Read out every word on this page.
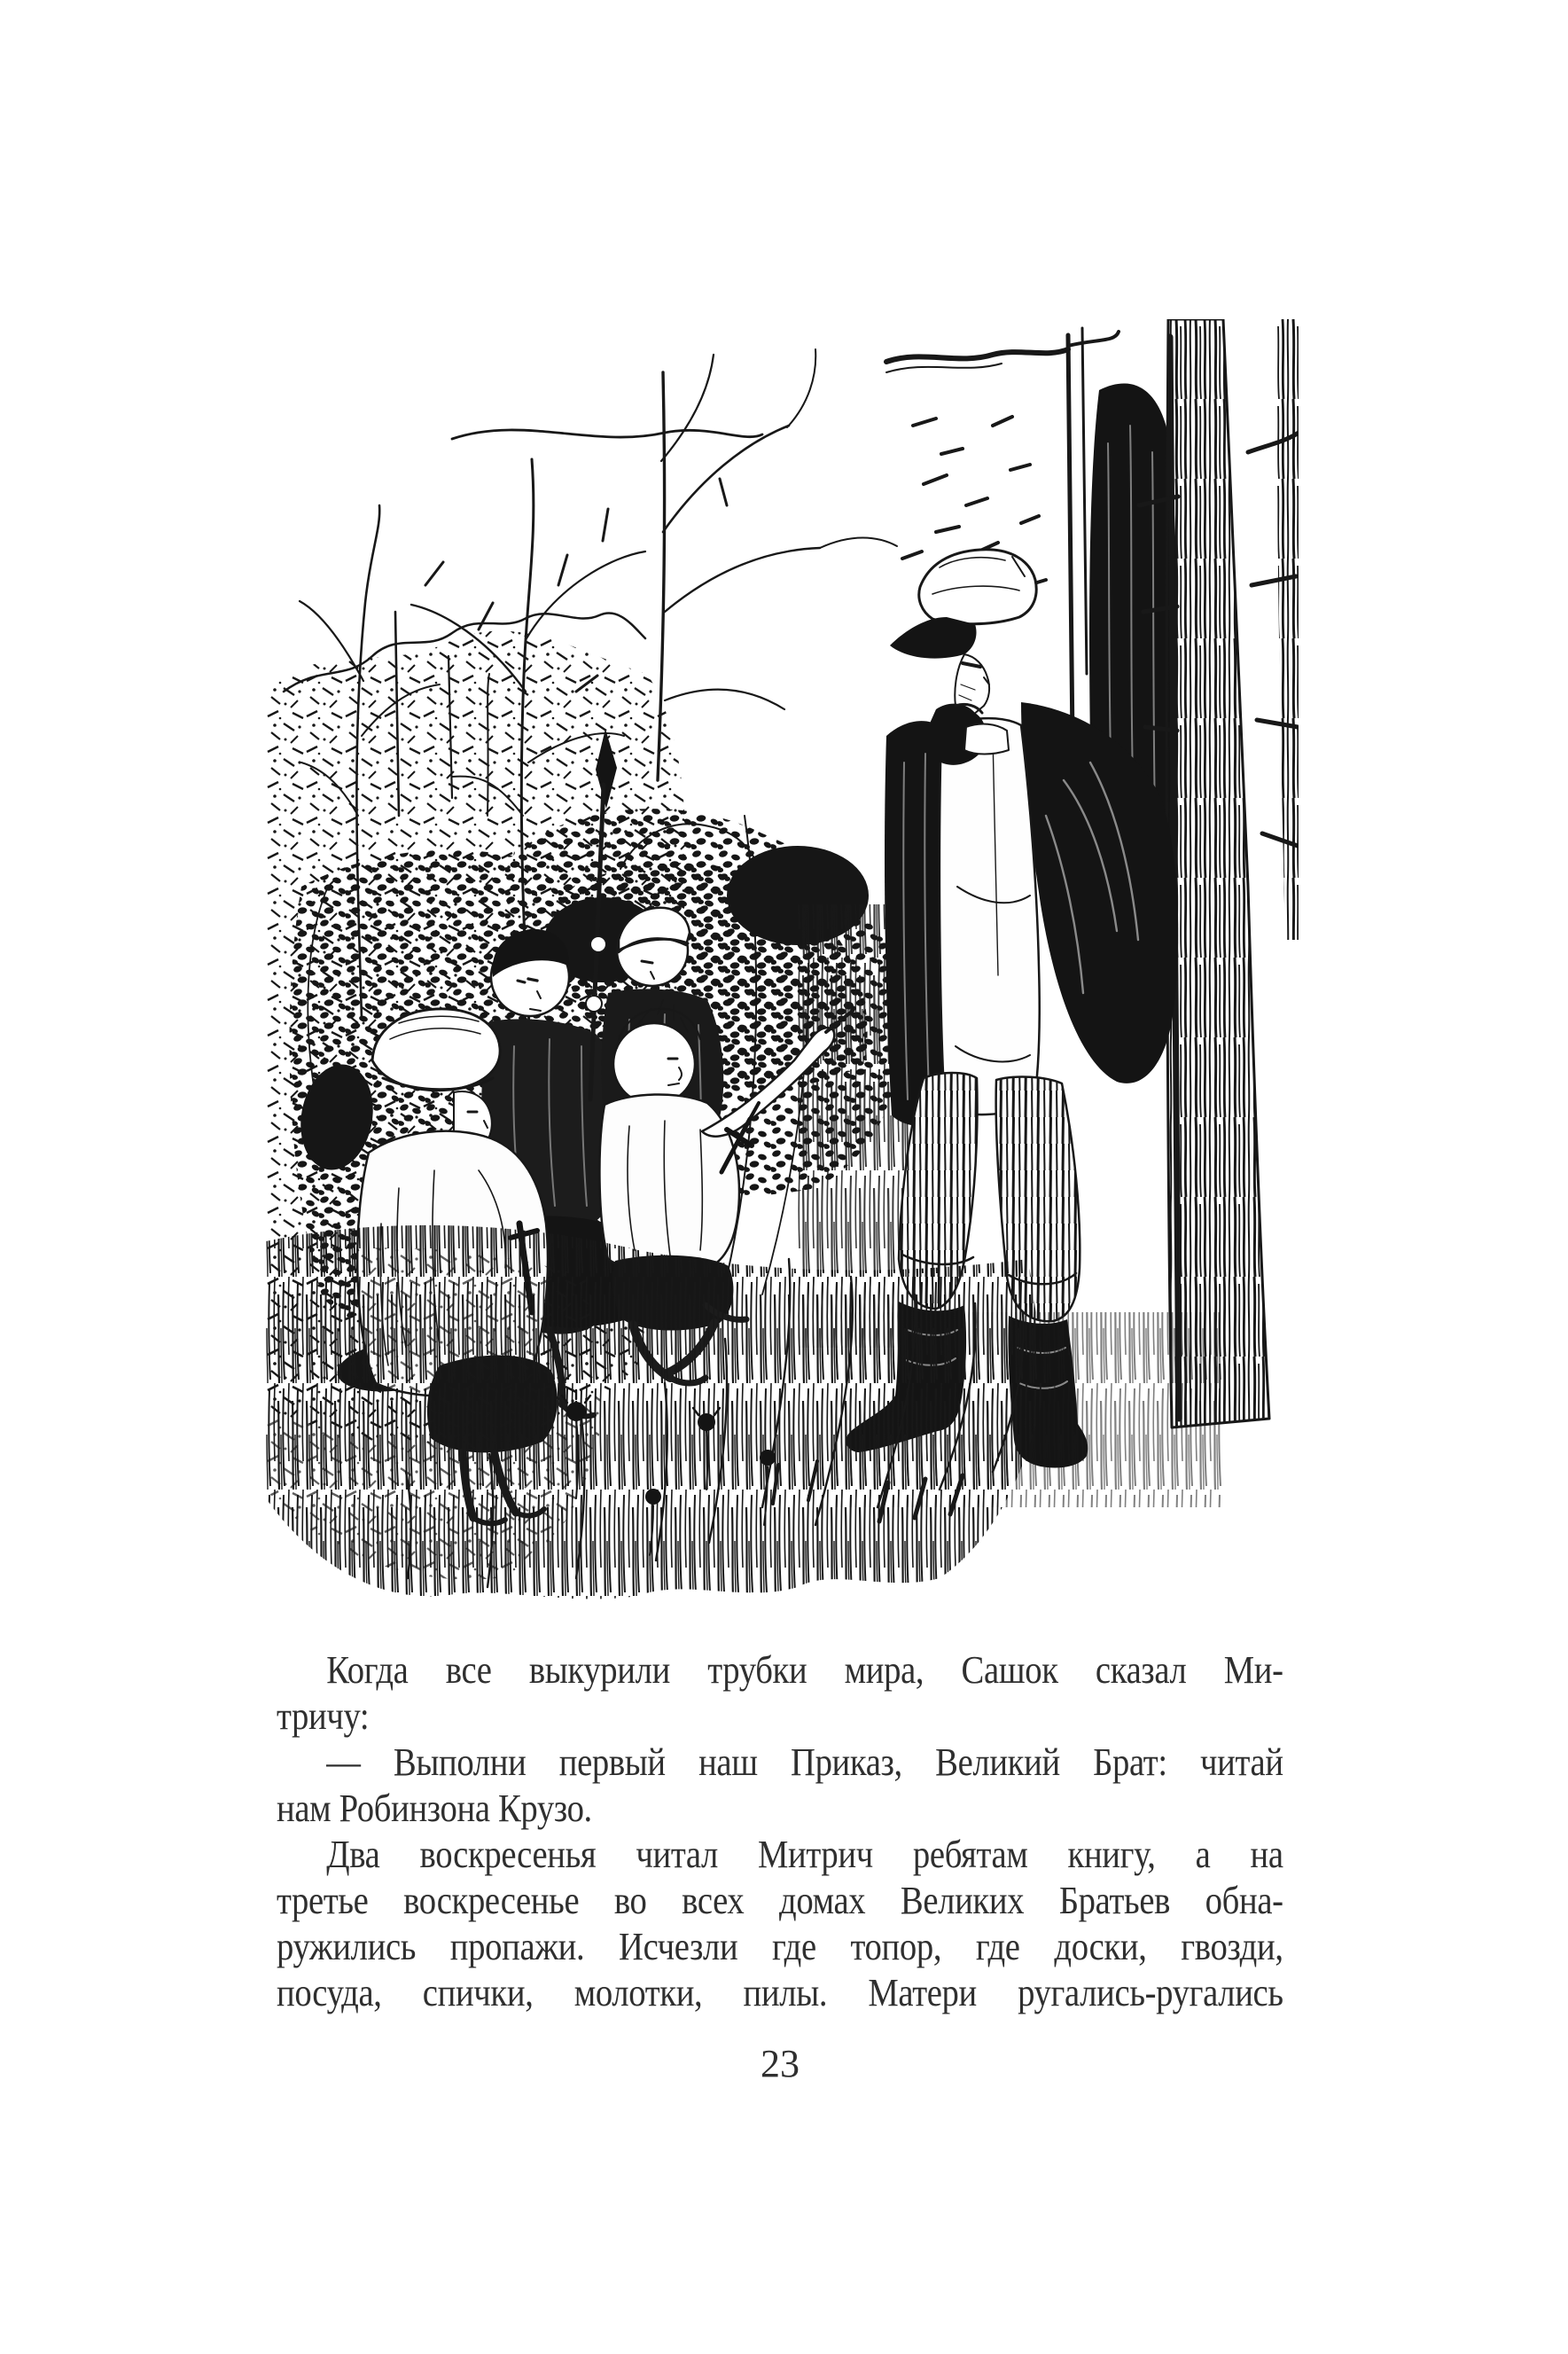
Когда все выкурили трубки мира, Сашок сказал Ми-
тричу:
— Выполни первый наш Приказ, Великий Брат: читай
нам Робинзона Крузо.
Два воскресенья читал Митрич ребятам книгу, а на
третье воскресенье во всех домах Великих Братьев обна-
ружились пропажи. Исчезли где топор, где доски, гвозди,
посуда, спички, молотки, пилы. Матери ругались-ругались
23
